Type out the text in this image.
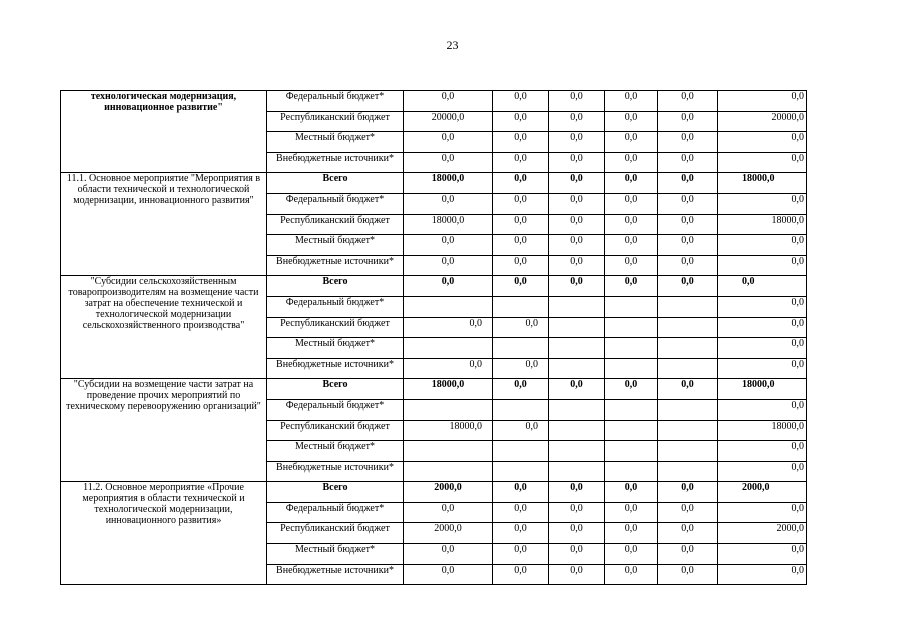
23
технологическая модернизация, инновационное развитие"	Федеральный бюджет*	0,0	0,0	0,0	0,0	0,0	0,0
	Республиканский бюджет	20000,0	0,0	0,0	0,0	0,0	20000,0
	Местный бюджет*	0,0	0,0	0,0	0,0	0,0	0,0
	Внебюджетные источники*	0,0	0,0	0,0	0,0	0,0	0,0
11.1. Основное мероприятие "Мероприятия в области технической и технологической модернизации, инновационного развития"	Всего	18000,0	0,0	0,0	0,0	0,0	18000,0
	Федеральный бюджет*	0,0	0,0	0,0	0,0	0,0	0,0
	Республиканский бюджет	18000,0	0,0	0,0	0,0	0,0	18000,0
	Местный бюджет*	0,0	0,0	0,0	0,0	0,0	0,0
	Внебюджетные источники*	0,0	0,0	0,0	0,0	0,0	0,0
"Субсидии сельскохозяйственным товаропроизводителям на возмещение части затрат на обеспечение технической и технологической модернизации сельскохозяйственного производства"	Всего	0,0	0,0	0,0	0,0	0,0	0,0
	Федеральный бюджет*						0,0
	Республиканский бюджет	0,0	0,0				0,0
	Местный бюджет*						0,0
	Внебюджетные источники*	0,0	0,0				0,0
"Субсидии на возмещение части затрат на проведение прочих мероприятий по техническому перевооружению организаций"	Всего	18000,0	0,0	0,0	0,0	0,0	18000,0
	Федеральный бюджет*						0,0
	Республиканский бюджет	18000,0	0,0				18000,0
	Местный бюджет*						0,0
	Внебюджетные источники*						0,0
11.2. Основное мероприятие «Прочие мероприятия в области технической и технологической модернизации, инновационного развития»	Всего	2000,0	0,0	0,0	0,0	0,0	2000,0
	Федеральный бюджет*	0,0	0,0	0,0	0,0	0,0	0,0
	Республиканский бюджет	2000,0	0,0	0,0	0,0	0,0	2000,0
	Местный бюджет*	0,0	0,0	0,0	0,0	0,0	0,0
	Внебюджетные источники*	0,0	0,0	0,0	0,0	0,0	0,0
